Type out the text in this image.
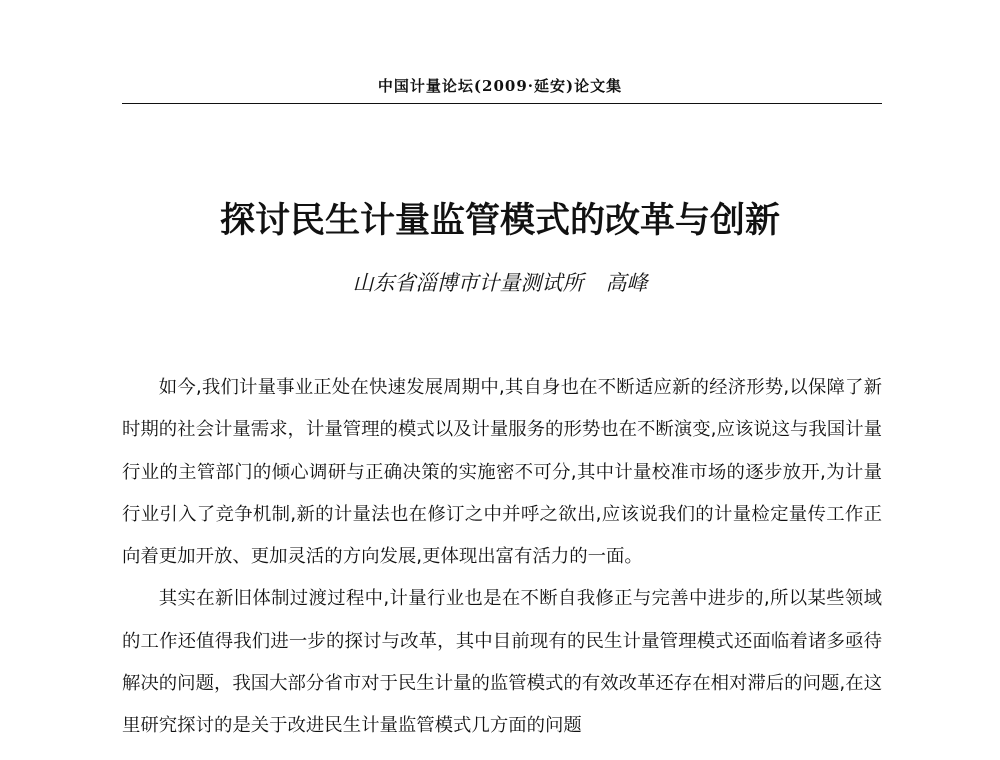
中国计量论坛(2009·延安)论文集
探讨民生计量监管模式的改革与创新
山东省淄博市计量测试所 高峰

如今,我们计量事业正处在快速发展周期中,其自身也在不断适应新的经济形势,以保障了新时期的社会计量需求，计量管理的模式以及计量服务的形势也在不断演变,应该说这与我国计量行业的主管部门的倾心调研与正确决策的实施密不可分,其中计量校准市场的逐步放开,为计量行业引入了竞争机制,新的计量法也在修订之中并呼之欲出,应该说我们的计量检定量传工作正向着更加开放、更加灵活的方向发展,更体现出富有活力的一面。

其实在新旧体制过渡过程中,计量行业也是在不断自我修正与完善中进步的,所以某些领域的工作还值得我们进一步的探讨与改革，其中目前现有的民生计量管理模式还面临着诸多亟待解决的问题，我国大部分省市对于民生计量的监管模式的有效改革还存在相对滞后的问题,在这里研究探讨的是关于改进民生计量监管模式几方面的问题
